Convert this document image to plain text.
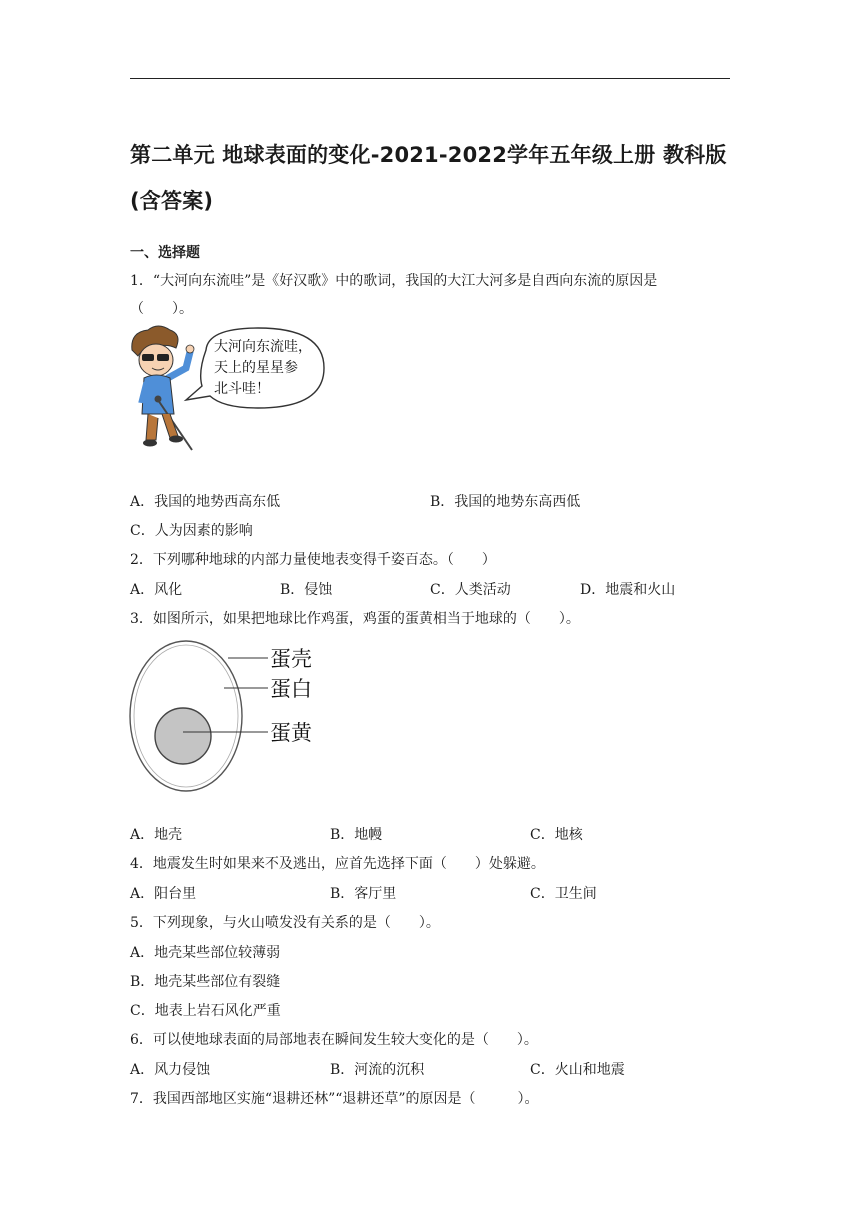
第二单元 地球表面的变化-2021-2022学年五年级上册 教科版(含答案)
一、选择题
1．“大河向东流哇”是《好汉歌》中的歌词，我国的大江大河多是自西向东流的原因是
（　　）。
大河向东流哇，
天上的星星参
北斗哇！
A．我国的地势西高东低	B．我国的地势东高西低
C．人为因素的影响
2．下列哪种地球的内部力量使地表变得千姿百态。（　　）
A．风化	B．侵蚀	C．人类活动	D．地震和火山
3．如图所示，如果把地球比作鸡蛋，鸡蛋的蛋黄相当于地球的（　　）。
蛋壳
蛋白
蛋黄
A．地壳	B．地幔	C．地核
4．地震发生时如果来不及逃出，应首先选择下面（　　）处躲避。
A．阳台里	B．客厅里	C．卫生间
5．下列现象，与火山喷发没有关系的是（　　）。
A．地壳某些部位较薄弱
B．地壳某些部位有裂缝
C．地表上岩石风化严重
6．可以使地球表面的局部地表在瞬间发生较大变化的是（　　）。
A．风力侵蚀	B．河流的沉积	C．火山和地震
7．我国西部地区实施“退耕还林”“退耕还草”的原因是（　　　）。
